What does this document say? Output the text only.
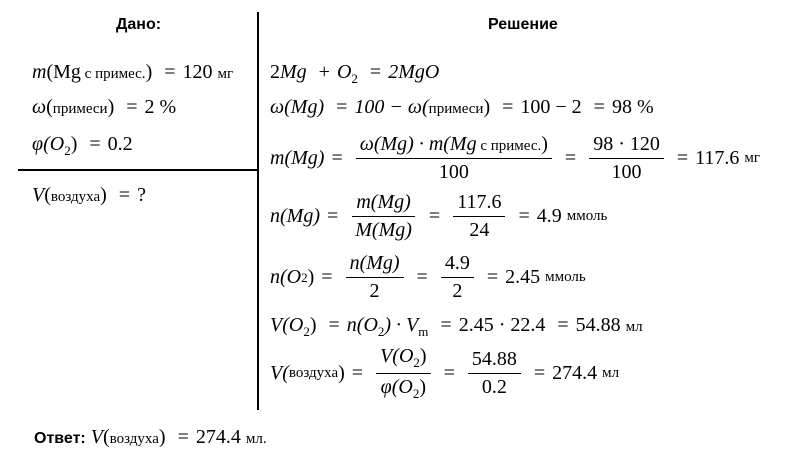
Дано:	Решение
m(Mg с примес.) = 120 мг
ω(примеси) = 2 %
$\varphi(O_2) = 0.2$
V(воздуха) = ?
$2Mg + O_2 = 2MgO$
ω(Mg) = 100 − ω(примеси) = 100 − 2 = 98 %
$m(Mg) = \frac{\text{ω(Mg) · m(Mg с примес.)}}{100} = \frac{98 \cdot 120}{100} = 117.6$
мг
$n(Mg) = \frac{m(Mg)}{M(Mg)} = \frac{117.6}{24} = 4.9$
ммоль
n(O 2 ) = $\frac{n(Mg)}{2} = \frac{4.9}{2} = 2.45$
ммоль
$V(O_2) = n(O_2) \cdot V_m = 2.45 \cdot 22.4 = 54.88$ мл
V( воздуха ) = $\frac{V(O_2)}{\varphi(O_2)} = \frac{54.88}{0.2} = 274.4$
мл
Ответ: V(воздуха) = 274.4 мл.
